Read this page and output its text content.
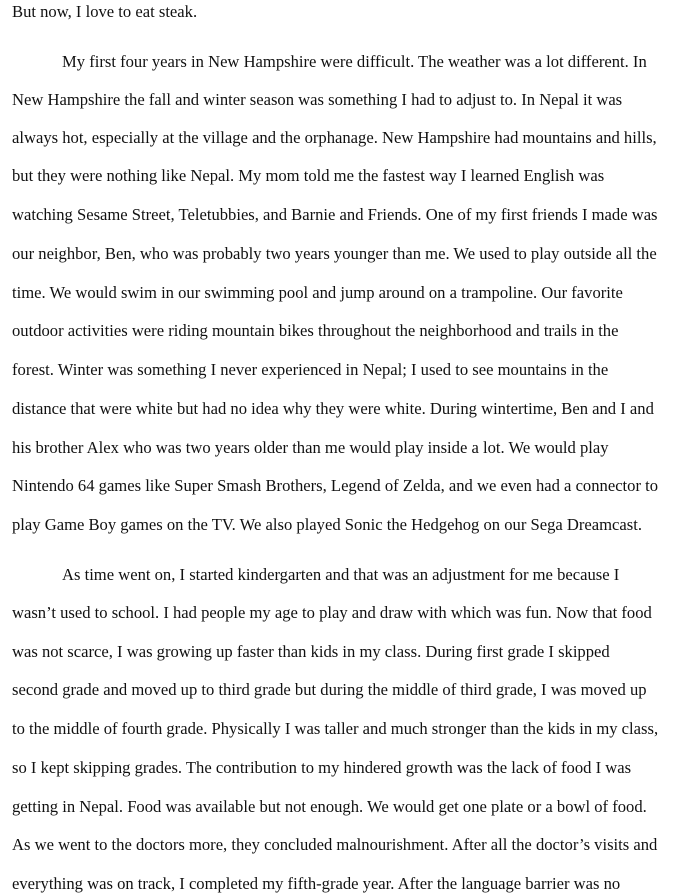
But now, I love to eat steak.
My first four years in New Hampshire were difficult. The weather was a lot different. In
New Hampshire the fall and winter season was something I had to adjust to. In Nepal it was
always hot, especially at the village and the orphanage. New Hampshire had mountains and hills,
but they were nothing like Nepal. My mom told me the fastest way I learned English was
watching Sesame Street, Teletubbies, and Barnie and Friends. One of my first friends I made was
our neighbor, Ben, who was probably two years younger than me. We used to play outside all the
time. We would swim in our swimming pool and jump around on a trampoline. Our favorite
outdoor activities were riding mountain bikes throughout the neighborhood and trails in the
forest. Winter was something I never experienced in Nepal; I used to see mountains in the
distance that were white but had no idea why they were white. During wintertime, Ben and I and
his brother Alex who was two years older than me would play inside a lot. We would play
Nintendo 64 games like Super Smash Brothers, Legend of Zelda, and we even had a connector to
play Game Boy games on the TV. We also played Sonic the Hedgehog on our Sega Dreamcast.
As time went on, I started kindergarten and that was an adjustment for me because I
wasn’t used to school. I had people my age to play and draw with which was fun. Now that food
was not scarce, I was growing up faster than kids in my class. During first grade I skipped
second grade and moved up to third grade but during the middle of third grade, I was moved up
to the middle of fourth grade. Physically I was taller and much stronger than the kids in my class,
so I kept skipping grades. The contribution to my hindered growth was the lack of food I was
getting in Nepal. Food was available but not enough. We would get one plate or a bowl of food.
As we went to the doctors more, they concluded malnourishment. After all the doctor’s visits and
everything was on track, I completed my fifth-grade year. After the language barrier was no
